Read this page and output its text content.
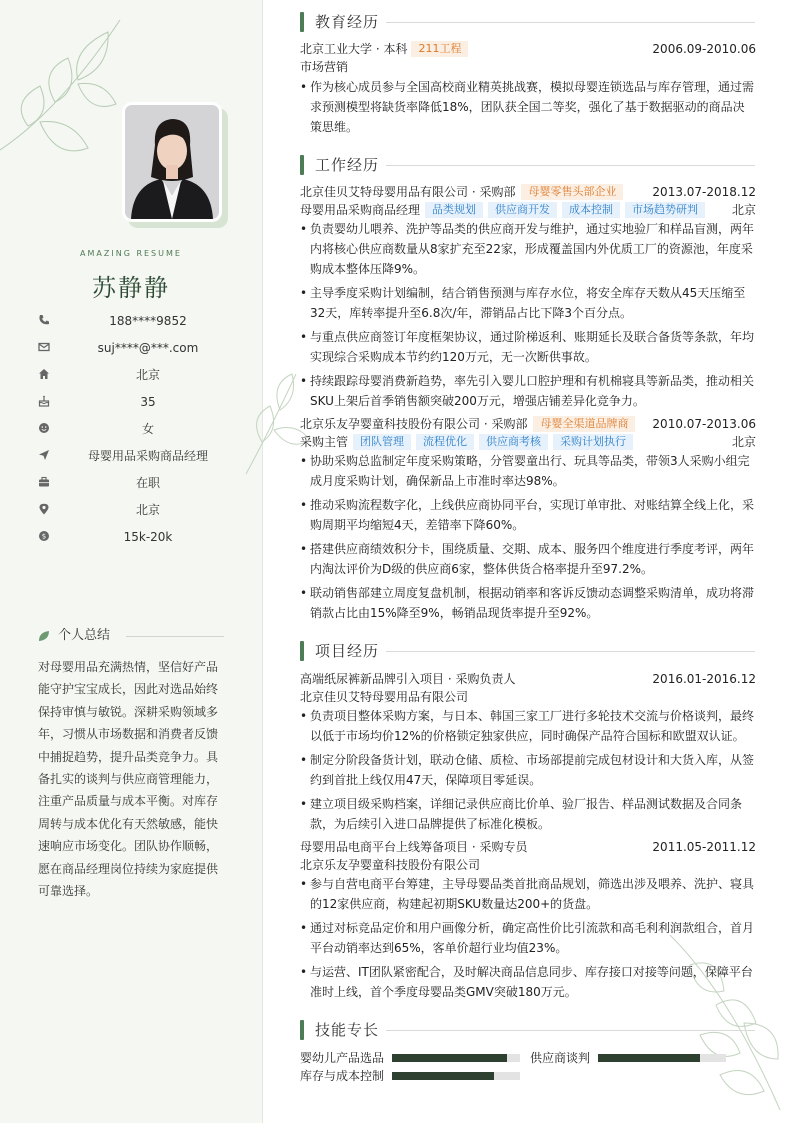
AMAZING RESUME
苏静静
188****9852
suj****@***.com
北京
35
女
母婴用品采购商品经理
在职
北京
$	15k-20k
个人总结

对母婴用品充满热情，坚信好产品能守护宝宝成长，因此对选品始终保持审慎与敏锐。深耕采购领域多年，习惯从市场数据和消费者反馈中捕捉趋势，提升品类竞争力。具备扎实的谈判与供应商管理能力，注重产品质量与成本平衡。对库存周转与成本优化有天然敏感，能快速响应市场变化。团队协作顺畅，愿在商品经理岗位持续为家庭提供可靠选择。

教育经历
北京工业大学 · 本科 211工程	2006.09-2010.06
市场营销
• 作为核心成员参与全国高校商业精英挑战赛，模拟母婴连锁选品与库存管理，通过需求预测模型将缺货率降低18%，团队获全国二等奖，强化了基于数据驱动的商品决策思维。
工作经历
北京佳贝艾特母婴用品有限公司 · 采购部 母婴零售头部企业	2013.07-2018.12
母婴用品采购商品经理 品类规划 供应商开发 成本控制 市场趋势研判	北京
• 负责婴幼儿喂养、洗护等品类的供应商开发与维护，通过实地验厂和样品盲测，两年内将核心供应商数量从8家扩充至22家，形成覆盖国内外优质工厂的资源池，年度采购成本整体压降9%。
• 主导季度采购计划编制，结合销售预测与库存水位，将安全库存天数从45天压缩至32天，库转率提升至6.8次/年，滞销品占比下降3个百分点。
• 与重点供应商签订年度框架协议，通过阶梯返利、账期延长及联合备货等条款，年均实现综合采购成本节约约120万元，无一次断供事故。
• 持续跟踪母婴消费新趋势，率先引入婴儿口腔护理和有机棉寝具等新品类，推动相关SKU上架后首季销售额突破200万元，增强店铺差异化竞争力。
北京乐友孕婴童科技股份有限公司 · 采购部 母婴全渠道品牌商 2010.07-2013.06
采购主管 团队管理 流程优化 供应商考核 采购计划执行	北京
• 协助采购总监制定年度采购策略，分管婴童出行、玩具等品类，带领3人采购小组完成月度采购计划，确保新品上市准时率达98%。
• 推动采购流程数字化，上线供应商协同平台，实现订单审批、对账结算全线上化，采购周期平均缩短4天，差错率下降60%。
• 搭建供应商绩效积分卡，围绕质量、交期、成本、服务四个维度进行季度考评，两年内淘汰评价为D级的供应商6家，整体供货合格率提升至97.2%。
• 联动销售部建立周度复盘机制，根据动销率和客诉反馈动态调整采购清单，成功将滞销款占比由15%降至9%，畅销品现货率提升至92%。
项目经历
高端纸尿裤新品牌引入项目 · 采购负责人	2016.01-2016.12
北京佳贝艾特母婴用品有限公司
• 负责项目整体采购方案，与日本、韩国三家工厂进行多轮技术交流与价格谈判，最终以低于市场均价12%的价格锁定独家供应，同时确保产品符合国标和欧盟双认证。
• 制定分阶段备货计划，联动仓储、质检、市场部提前完成包材设计和大货入库，从签约到首批上线仅用47天，保障项目零延误。
• 建立项目级采购档案，详细记录供应商比价单、验厂报告、样品测试数据及合同条款，为后续引入进口品牌提供了标准化模板。
母婴用品电商平台上线筹备项目 · 采购专员	2011.05-2011.12
北京乐友孕婴童科技股份有限公司
• 参与自营电商平台筹建，主导母婴品类首批商品规划，筛选出涉及喂养、洗护、寝具的12家供应商，构建起初期SKU数量达200+的货盘。
• 通过对标竞品定价和用户画像分析，确定高性价比引流款和高毛利利润款组合，首月平台动销率达到65%，客单价超行业均值23%。
• 与运营、IT团队紧密配合，及时解决商品信息同步、库存接口对接等问题，保障平台准时上线，首个季度母婴品类GMV突破180万元。
技能专长
婴幼儿产品选品	供应商谈判
库存与成本控制
